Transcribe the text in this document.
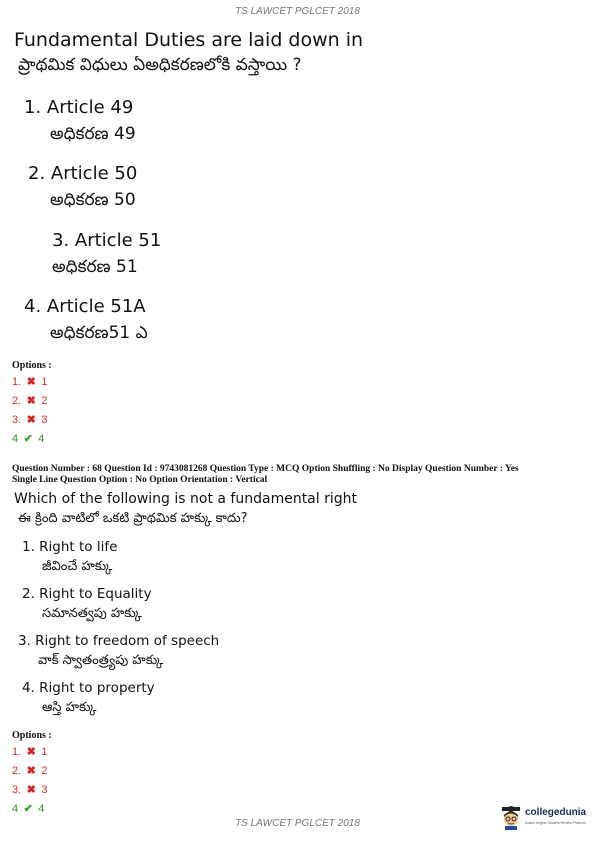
TS LAWCET PGLCET 2018
Fundamental Duties are laid down in
ప్రాథమిక విధులు ఏఅధికరణలోకి వస్తాయి ?
1. Article 49
అధికరణ 49
2. Article 50
అధికరణ 50
3. Article 51
అధికరణ 51
4. Article 51A
అధికరణ51 ఎ
Options :
1. ✖ 1
2. ✖ 2
3. ✖ 3
4 ✔ 4
Question Number : 68 Question Id : 9743081268 Question Type : MCQ Option Shuffling : No Display Question Number : Yes
Single Line Question Option : No Option Orientation : Vertical
Which of the following is not a fundamental right
ఈ క్రింది వాటిలో ఒకటి ప్రాథమిక హక్కు కాదు?
1. Right to life
జీవించే హక్కు
2. Right to Equality
సమానత్వపు హక్కు
3. Right to freedom of speech
వాక్ స్వాతంత్ర్యపు హక్కు
4. Right to property
ఆస్తి హక్కు
Options :
1. ✖ 1
2. ✖ 2
3. ✖ 3
4 ✔ 4
TS LAWCET PGLCET 2018
collegedunia
India's largest Student Review Platform
